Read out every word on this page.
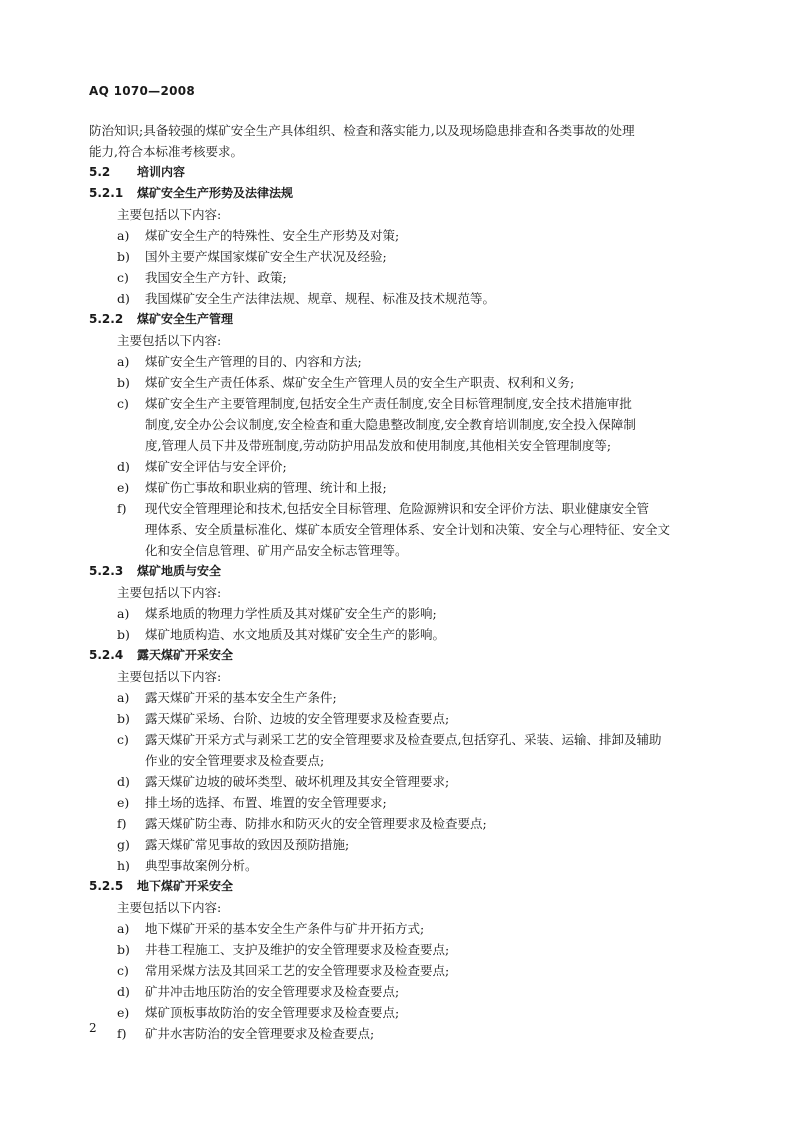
AQ 1070—2008
防治知识;具备较强的煤矿安全生产具体组织、检查和落实能力,以及现场隐患排查和各类事故的处理
能力,符合本标准考核要求。
5.2 培训内容
5.2.1 煤矿安全生产形势及法律法规
主要包括以下内容:
a)	煤矿安全生产的特殊性、安全生产形势及对策;
b)	国外主要产煤国家煤矿安全生产状况及经验;
c)	我国安全生产方针、政策;
d)	我国煤矿安全生产法律法规、规章、规程、标准及技术规范等。
5.2.2 煤矿安全生产管理
主要包括以下内容:
a)	煤矿安全生产管理的目的、内容和方法;
b)	煤矿安全生产责任体系、煤矿安全生产管理人员的安全生产职责、权利和义务;
c)	煤矿安全生产主要管理制度,包括安全生产责任制度,安全目标管理制度,安全技术措施审批
制度,安全办公会议制度,安全检查和重大隐患整改制度,安全教育培训制度,安全投入保障制
度,管理人员下井及带班制度,劳动防护用品发放和使用制度,其他相关安全管理制度等;
d)	煤矿安全评估与安全评价;
e)	煤矿伤亡事故和职业病的管理、统计和上报;
f)	现代安全管理理论和技术,包括安全目标管理、危险源辨识和安全评价方法、职业健康安全管
理体系、安全质量标准化、煤矿本质安全管理体系、安全计划和决策、安全与心理特征、安全文
化和安全信息管理、矿用产品安全标志管理等。
5.2.3 煤矿地质与安全
主要包括以下内容:
a)	煤系地质的物理力学性质及其对煤矿安全生产的影响;
b)	煤矿地质构造、水文地质及其对煤矿安全生产的影响。
5.2.4 露天煤矿开采安全
主要包括以下内容:
a)	露天煤矿开采的基本安全生产条件;
b)	露天煤矿采场、台阶、边坡的安全管理要求及检查要点;
c)	露天煤矿开采方式与剥采工艺的安全管理要求及检查要点,包括穿孔、采装、运输、排卸及辅助
作业的安全管理要求及检查要点;
d)	露天煤矿边坡的破坏类型、破坏机理及其安全管理要求;
e)	排土场的选择、布置、堆置的安全管理要求;
f)	露天煤矿防尘毒、防排水和防灭火的安全管理要求及检查要点;
g)	露天煤矿常见事故的致因及预防措施;
h)	典型事故案例分析。
5.2.5 地下煤矿开采安全
主要包括以下内容:
a)	地下煤矿开采的基本安全生产条件与矿井开拓方式;
b)	井巷工程施工、支护及维护的安全管理要求及检查要点;
c)	常用采煤方法及其回采工艺的安全管理要求及检查要点;
d)	矿井冲击地压防治的安全管理要求及检查要点;
e)	煤矿顶板事故防治的安全管理要求及检查要点;
f)	矿井水害防治的安全管理要求及检查要点;
2
